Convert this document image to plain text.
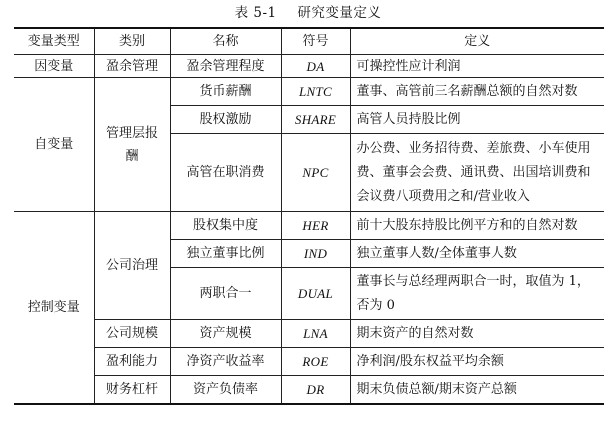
表 5-1 研究变量定义
变量类型	类别	名称	符号	定义
因变量	盈余管理	盈余管理程度	DA	可操控性应计利润
自变量	管理层报酬	货币薪酬	LNTC	董事、高管前三名薪酬总额的自然对数
		股权激励	SHARE	高管人员持股比例
		高管在职消费	NPC	办公费、业务招待费、差旅费、小车使用费、董事会会费、通讯费、出国培训费和会议费八项费用之和/营业收入
控制变量	公司治理	股权集中度	HER	前十大股东持股比例平方和的自然对数
		独立董事比例	IND	独立董事人数/全体董事人数
		两职合一	DUAL	董事长与总经理两职合一时，取值为 1，否为 0
	公司规模	资产规模	LNA	期末资产的自然对数
	盈利能力	净资产收益率	ROE	净利润/股东权益平均余额
	财务杠杆	资产负债率	DR	期末负债总额/期末资产总额
